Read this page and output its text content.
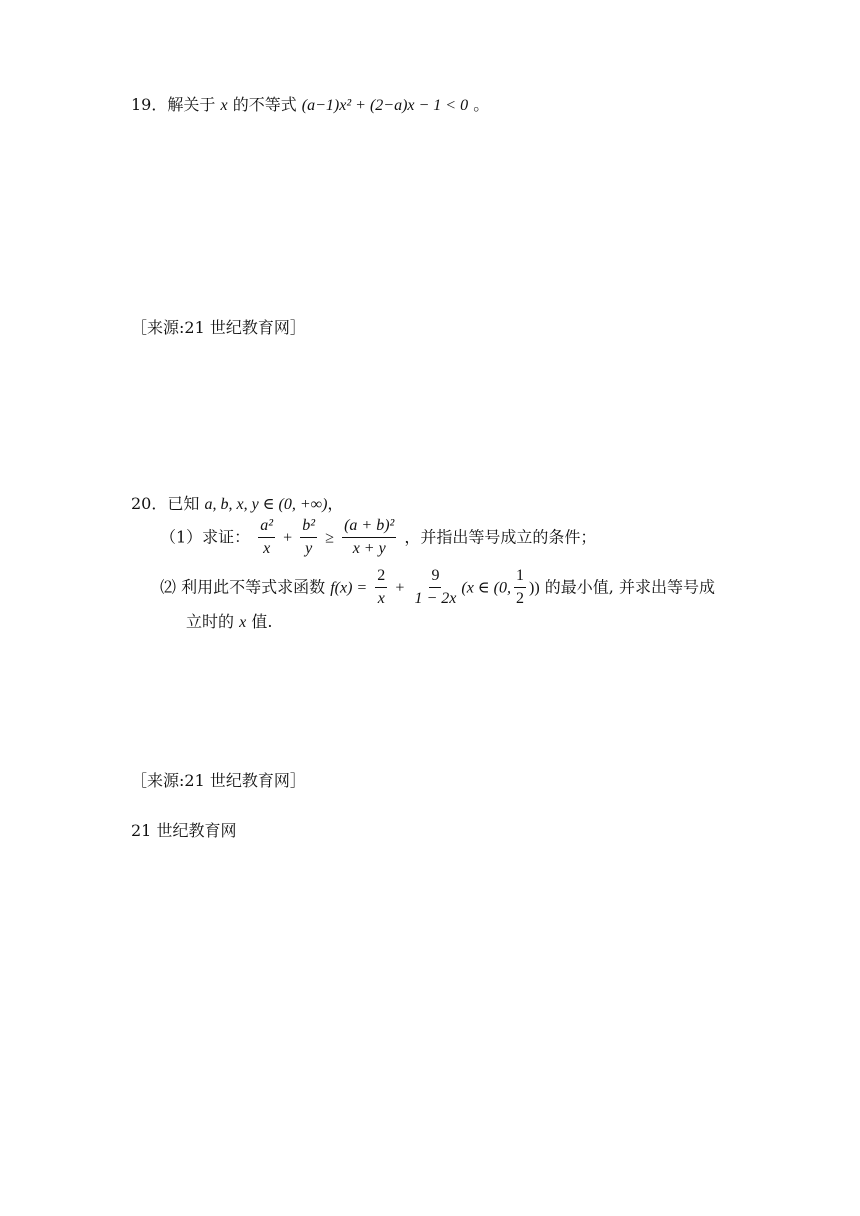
19．解关于 x 的不等式 (a−1)x² + (2−a)x − 1 < 0 。
［来源:21 世纪教育网］
20．已知 a, b, x, y ∈ (0, +∞)，
（1）求证： $\frac{\text{a²}}{x} + \frac{\text{b²}}{y} \ge \frac{\text{(a + b)²}}{x + y}$ ，并指出等号成立的条件；
⑵ 利用此不等式求函数 $f(x) = \frac{2}{x} + \frac{9}{1 - 2x} (x$ ∈ (0, $\frac{1}{2}$ )) 的最小值, 并求出等号成
立时的 x 值.
［来源:21 世纪教育网］
21 世纪教育网
